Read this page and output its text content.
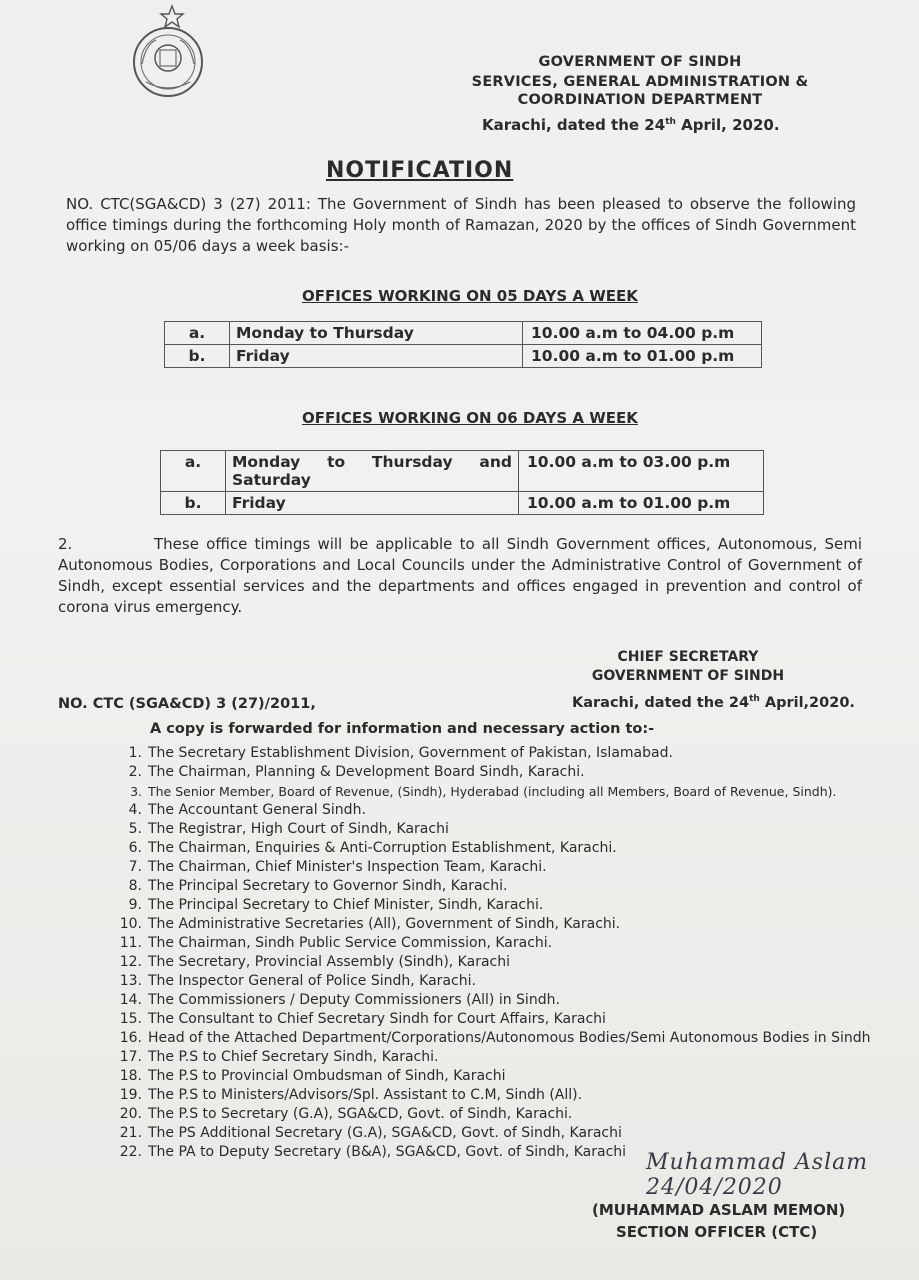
GOVERNMENT OF SINDH
SERVICES, GENERAL ADMINISTRATION &
COORDINATION DEPARTMENT
Karachi, dated the 24th April, 2020.
NOTIFICATION
NO. CTC(SGA&CD) 3 (27) 2011: The Government of Sindh has been pleased to observe the following office timings during the forthcoming Holy month of Ramazan, 2020 by the offices of Sindh Government working on 05/06 days a week basis:-
OFFICES WORKING ON 05 DAYS A WEEK
a.	Monday to Thursday	10.00 a.m to 04.00 p.m
b.	Friday	10.00 a.m to 01.00 p.m
OFFICES WORKING ON 06 DAYS A WEEK
a.	Monday to Thursday and Saturday	10.00 a.m to 03.00 p.m
b.	Friday	10.00 a.m to 01.00 p.m
2.	These office timings will be applicable to all Sindh Government offices, Autonomous, Semi Autonomous Bodies, Corporations and Local Councils under the Administrative Control of Government of Sindh, except essential services and the departments and offices engaged in prevention and control of corona virus emergency.
CHIEF SECRETARY
GOVERNMENT OF SINDH
NO. CTC (SGA&CD) 3 (27)/2011,	Karachi, dated the 24th April,2020.
A copy is forwarded for information and necessary action to:-
1. The Secretary Establishment Division, Government of Pakistan, Islamabad.
2. The Chairman, Planning & Development Board Sindh, Karachi.
3. The Senior Member, Board of Revenue, (Sindh), Hyderabad (including all Members, Board of Revenue, Sindh).
4. The Accountant General Sindh.
5. The Registrar, High Court of Sindh, Karachi
6. The Chairman, Enquiries & Anti-Corruption Establishment, Karachi.
7. The Chairman, Chief Minister's Inspection Team, Karachi.
8. The Principal Secretary to Governor Sindh, Karachi.
9. The Principal Secretary to Chief Minister, Sindh, Karachi.
10. The Administrative Secretaries (All), Government of Sindh, Karachi.
11. The Chairman, Sindh Public Service Commission, Karachi.
12. The Secretary, Provincial Assembly (Sindh), Karachi
13. The Inspector General of Police Sindh, Karachi.
14. The Commissioners / Deputy Commissioners (All) in Sindh.
15. The Consultant to Chief Secretary Sindh for Court Affairs, Karachi
16. Head of the Attached Department/Corporations/Autonomous Bodies/Semi Autonomous Bodies in Sindh
17. The P.S to Chief Secretary Sindh, Karachi.
18. The P.S to Provincial Ombudsman of Sindh, Karachi
19. The P.S to Ministers/Advisors/Spl. Assistant to C.M, Sindh (All).
20. The P.S to Secretary (G.A), SGA&CD, Govt. of Sindh, Karachi.
21. The PS Additional Secretary (G.A), SGA&CD, Govt. of Sindh, Karachi
22. The PA to Deputy Secretary (B&A), SGA&CD, Govt. of Sindh, Karachi Muhammad Aslam 24/04/2020
(MUHAMMAD ASLAM MEMON)
SECTION OFFICER (CTC)
